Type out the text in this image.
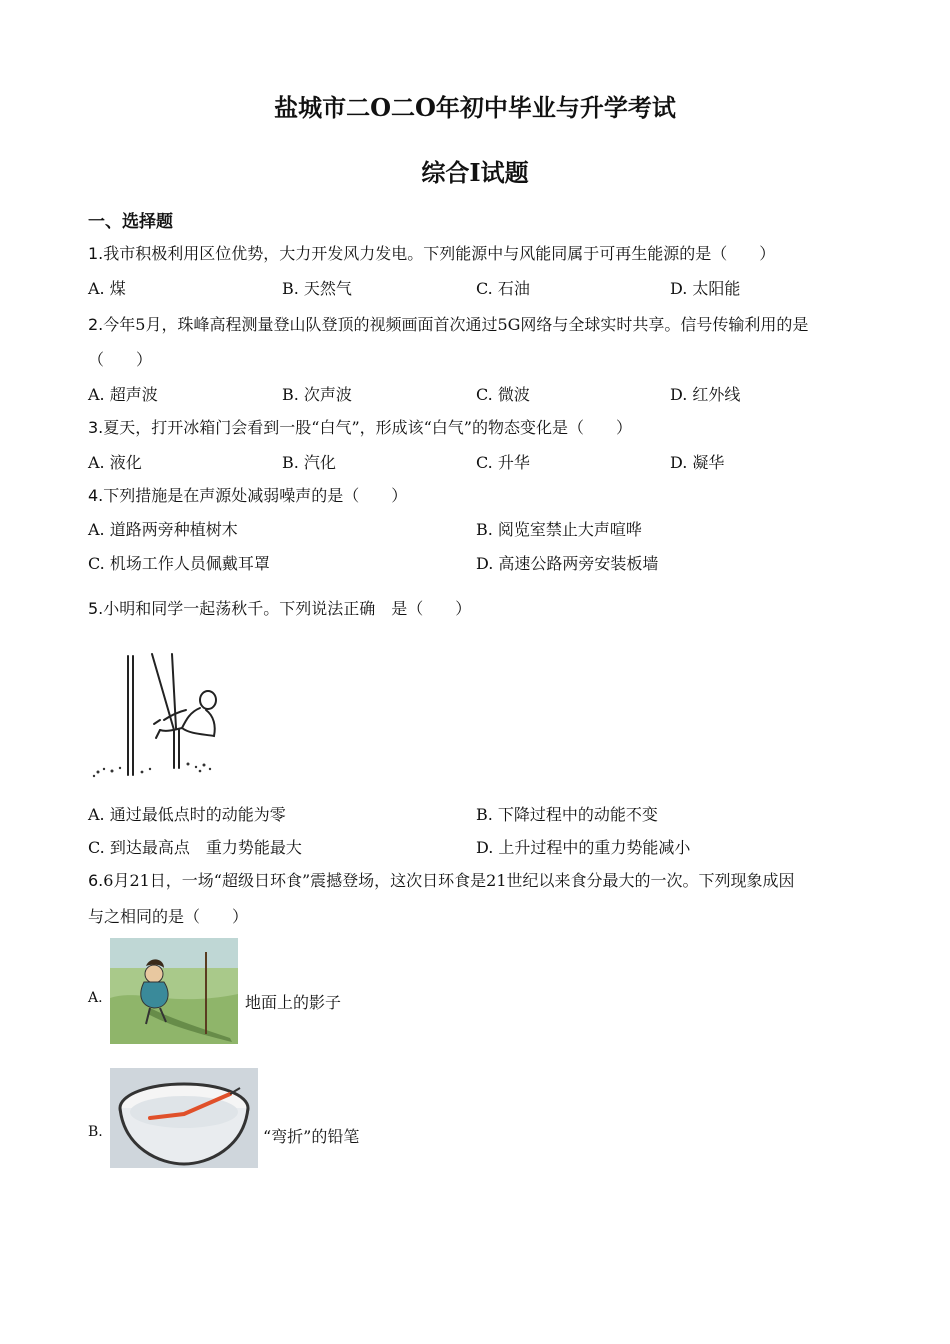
盐城市二O二O年初中毕业与升学考试
综合Ⅰ试题
一、选择题
1.我市积极利用区位优势，大力开发风力发电。下列能源中与风能同属于可再生能源的是（　　）
A. 煤	B. 天然气	C. 石油	D. 太阳能
2.今年5月，珠峰高程测量登山队登顶的视频画面首次通过5G网络与全球实时共享。信号传输利用的是
（　　）
A. 超声波	B. 次声波	C. 微波	D. 红外线
3.夏天，打开冰箱门会看到一股“白气”，形成该“白气”的物态变化是（　　）
A. 液化	B. 汽化	C. 升华	D. 凝华
4.下列措施是在声源处减弱噪声的是（　　）
A. 道路两旁种植树木	B. 阅览室禁止大声喧哗
C. 机场工作人员佩戴耳罩	D. 高速公路两旁安装板墙
5.小明和同学一起荡秋千。下列说法正确　是（　　）
A. 通过最低点时的动能为零	B. 下降过程中的动能不变
C. 到达最高点　重力势能最大	D. 上升过程中的重力势能减小
6.6月21日，一场“超级日环食”震撼登场，这次日环食是21世纪以来食分最大的一次。下列现象成因
与之相同的是（　　）
A.	地面上的影子
B.	“弯折”的铅笔
